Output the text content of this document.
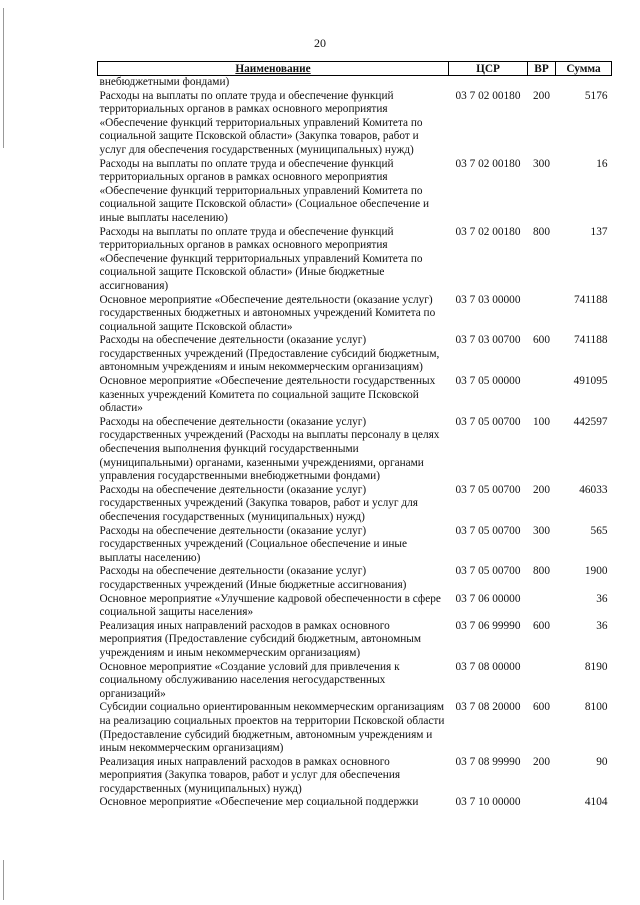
20
Наименование	ЦСР	ВР	Сумма
внебюджетными фондами)			
Расходы на выплаты по оплате труда и обеспечение функций территориальных органов в рамках основного мероприятия «Обеспечение функций территориальных управлений Комитета по социальной защите Псковской области» (Закупка товаров, работ и услуг для обеспечения государственных (муниципальных) нужд)	03 7 02 00180	200	5176
Расходы на выплаты по оплате труда и обеспечение функций территориальных органов в рамках основного мероприятия «Обеспечение функций территориальных управлений Комитета по социальной защите Псковской области» (Социальное обеспечение и иные выплаты населению)	03 7 02 00180	300	16
Расходы на выплаты по оплате труда и обеспечение функций территориальных органов в рамках основного мероприятия «Обеспечение функций территориальных управлений Комитета по социальной защите Псковской области» (Иные бюджетные ассигнования)	03 7 02 00180	800	137
Основное мероприятие «Обеспечение деятельности (оказание услуг) государственных бюджетных и автономных учреждений Комитета по социальной защите Псковской области»	03 7 03 00000		741188
Расходы на обеспечение деятельности (оказание услуг) государственных учреждений (Предоставление субсидий бюджетным, автономным учреждениям и иным некоммерческим организациям)	03 7 03 00700	600	741188
Основное мероприятие «Обеспечение деятельности государственных казенных учреждений Комитета по социальной защите Псковской области»	03 7 05 00000		491095
Расходы на обеспечение деятельности (оказание услуг) государственных учреждений (Расходы на выплаты персоналу в целях обеспечения выполнения функций государственными (муниципальными) органами, казенными учреждениями, органами управления государственными внебюджетными фондами)	03 7 05 00700	100	442597
Расходы на обеспечение деятельности (оказание услуг) государственных учреждений (Закупка товаров, работ и услуг для обеспечения государственных (муниципальных) нужд)	03 7 05 00700	200	46033
Расходы на обеспечение деятельности (оказание услуг) государственных учреждений (Социальное обеспечение и иные выплаты населению)	03 7 05 00700	300	565
Расходы на обеспечение деятельности (оказание услуг) государственных учреждений (Иные бюджетные ассигнования)	03 7 05 00700	800	1900
Основное мероприятие «Улучшение кадровой обеспеченности в сфере социальной защиты населения»	03 7 06 00000		36
Реализация иных направлений расходов в рамках основного мероприятия (Предоставление субсидий бюджетным, автономным учреждениям и иным некоммерческим организациям)	03 7 06 99990	600	36
Основное мероприятие «Создание условий для привлечения к социальному обслуживанию населения негосударственных организаций»	03 7 08 00000		8190
Субсидии социально ориентированным некоммерческим организациям на реализацию социальных проектов на территории Псковской области (Предоставление субсидий бюджетным, автономным учреждениям и иным некоммерческим организациям)	03 7 08 20000	600	8100
Реализация иных направлений расходов в рамках основного мероприятия (Закупка товаров, работ и услуг для обеспечения государственных (муниципальных) нужд)	03 7 08 99990	200	90
Основное мероприятие «Обеспечение мер социальной поддержки	03 7 10 00000		4104
